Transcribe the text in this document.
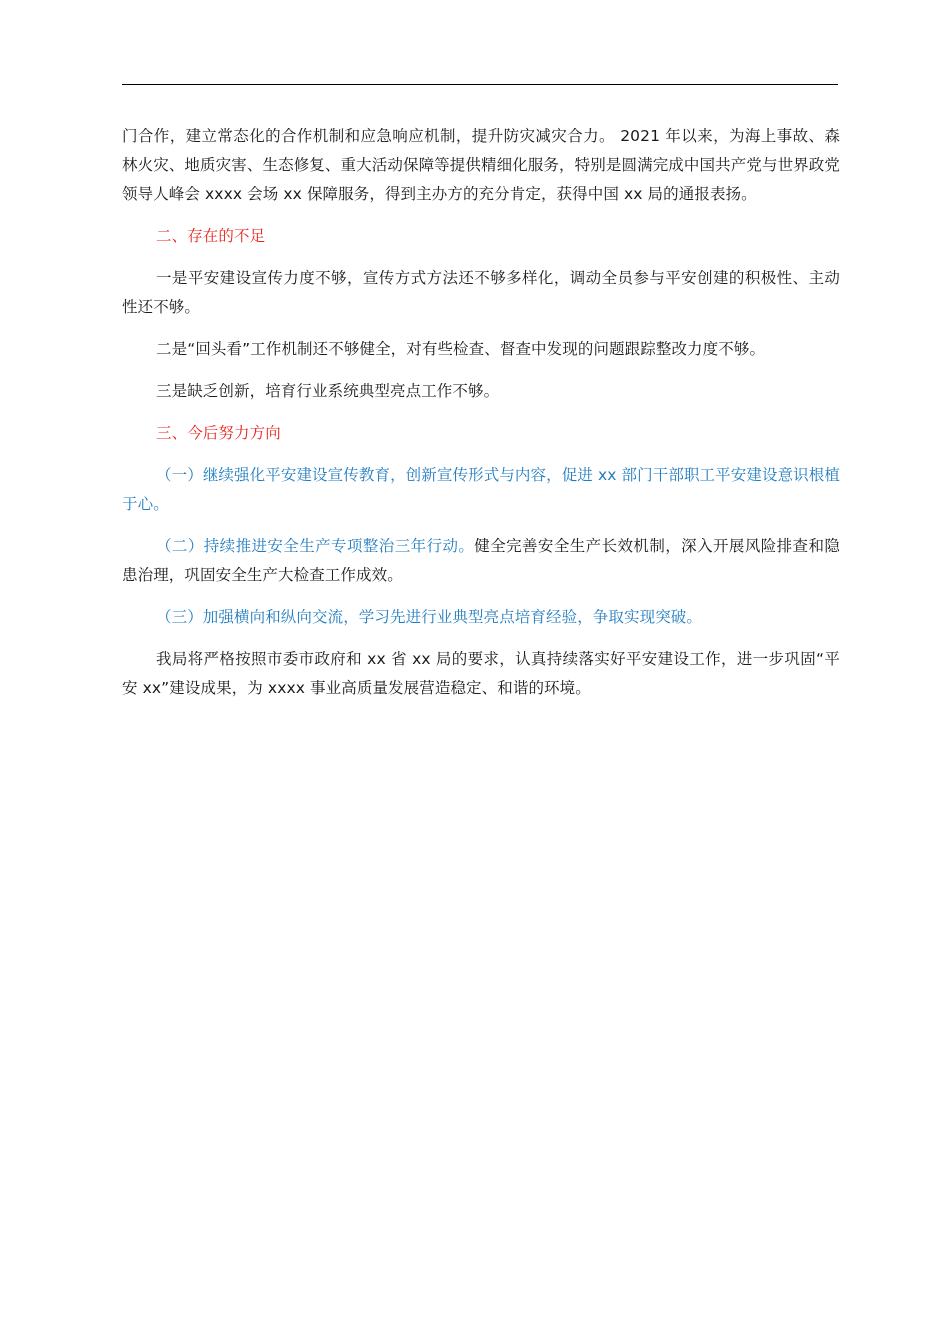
门合作，建立常态化的合作机制和应急响应机制，提升防灾减灾合力。 2021 年以来，为海上事故、森林火灾、地质灾害、生态修复、重大活动保障等提供精细化服务，特别是圆满完成中国共产党与世界政党领导人峰会 xxxx 会场 xx 保障服务，得到主办方的充分肯定，获得中国 xx 局的通报表扬。

二、存在的不足

一是平安建设宣传力度不够，宣传方式方法还不够多样化，调动全员参与平安创建的积极性、主动性还不够。

二是“回头看”工作机制还不够健全，对有些检查、督查中发现的问题跟踪整改力度不够。

三是缺乏创新，培育行业系统典型亮点工作不够。

三、今后努力方向

（一）继续强化平安建设宣传教育，创新宣传形式与内容，促进 xx 部门干部职工平安建设意识根植于心。

（二）持续推进安全生产专项整治三年行动。健全完善安全生产长效机制，深入开展风险排查和隐患治理，巩固安全生产大检查工作成效。

（三）加强横向和纵向交流，学习先进行业典型亮点培育经验，争取实现突破。

我局将严格按照市委市政府和 xx 省 xx 局的要求，认真持续落实好平安建设工作，进一步巩固“平安 xx”建设成果，为 xxxx 事业高质量发展营造稳定、和谐的环境。
